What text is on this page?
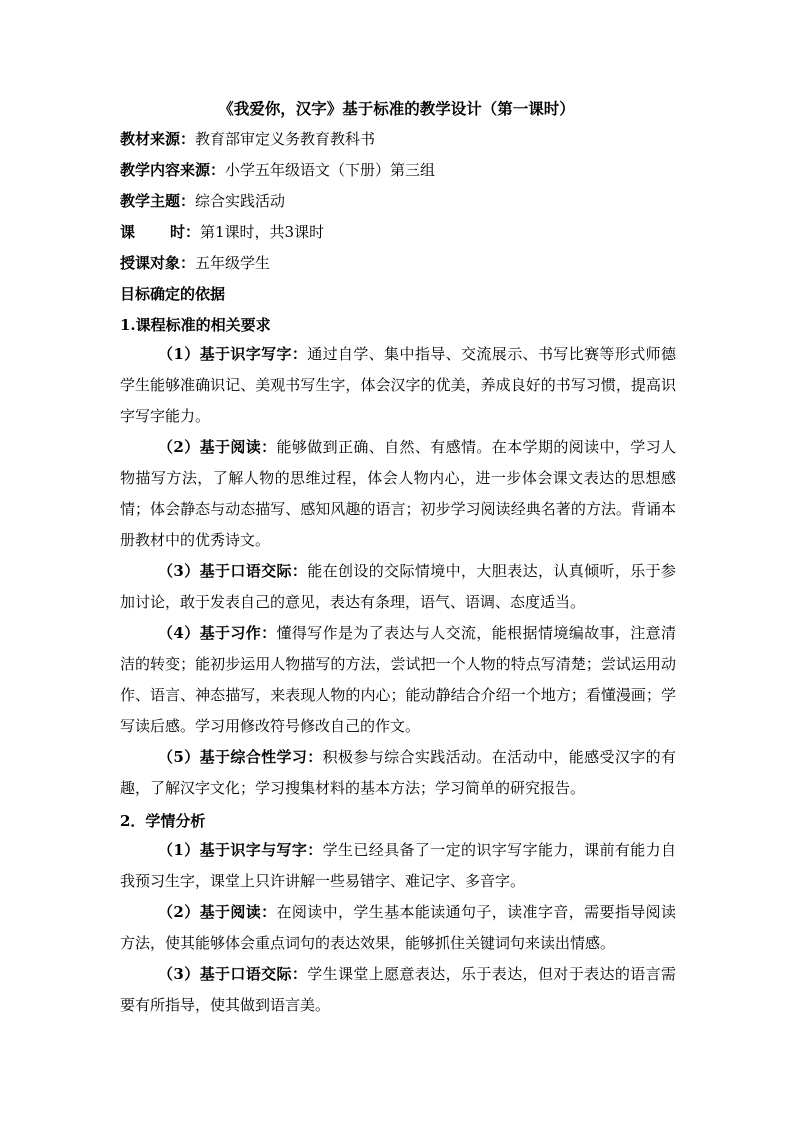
《我爱你，汉字》基于标准的教学设计（第一课时）
教材来源：教育部审定义务教育教科书
教学内容来源：小学五年级语文（下册）第三组
教学主题：综合实践活动
课 时：第1课时，共3课时
授课对象：五年级学生
目标确定的依据
1.课程标准的相关要求
（1）基于识字写字：通过自学、集中指导、交流展示、书写比赛等形式师德学生能够准确识记、美观书写生字，体会汉字的优美，养成良好的书写习惯，提高识字写字能力。
（2）基于阅读：能够做到正确、自然、有感情。在本学期的阅读中，学习人物描写方法，了解人物的思维过程，体会人物内心，进一步体会课文表达的思想感情；体会静态与动态描写、感知风趣的语言；初步学习阅读经典名著的方法。背诵本册教材中的优秀诗文。
（3）基于口语交际：能在创设的交际情境中，大胆表达，认真倾听，乐于参加讨论，敢于发表自己的意见，表达有条理，语气、语调、态度适当。
（4）基于习作：懂得写作是为了表达与人交流，能根据情境编故事，注意清洁的转变；能初步运用人物描写的方法，尝试把一个人物的特点写清楚；尝试运用动作、语言、神态描写，来表现人物的内心；能动静结合介绍一个地方；看懂漫画；学写读后感。学习用修改符号修改自己的作文。
（5）基于综合性学习：积极参与综合实践活动。在活动中，能感受汉字的有趣，了解汉字文化；学习搜集材料的基本方法；学习简单的研究报告。
2．学情分析
（1）基于识字与写字：学生已经具备了一定的识字写字能力，课前有能力自我预习生字，课堂上只许讲解一些易错字、难记字、多音字。
（2）基于阅读：在阅读中，学生基本能读通句子，读准字音，需要指导阅读方法，使其能够体会重点词句的表达效果，能够抓住关键词句来读出情感。
（3）基于口语交际：学生课堂上愿意表达，乐于表达，但对于表达的语言需要有所指导，使其做到语言美。
